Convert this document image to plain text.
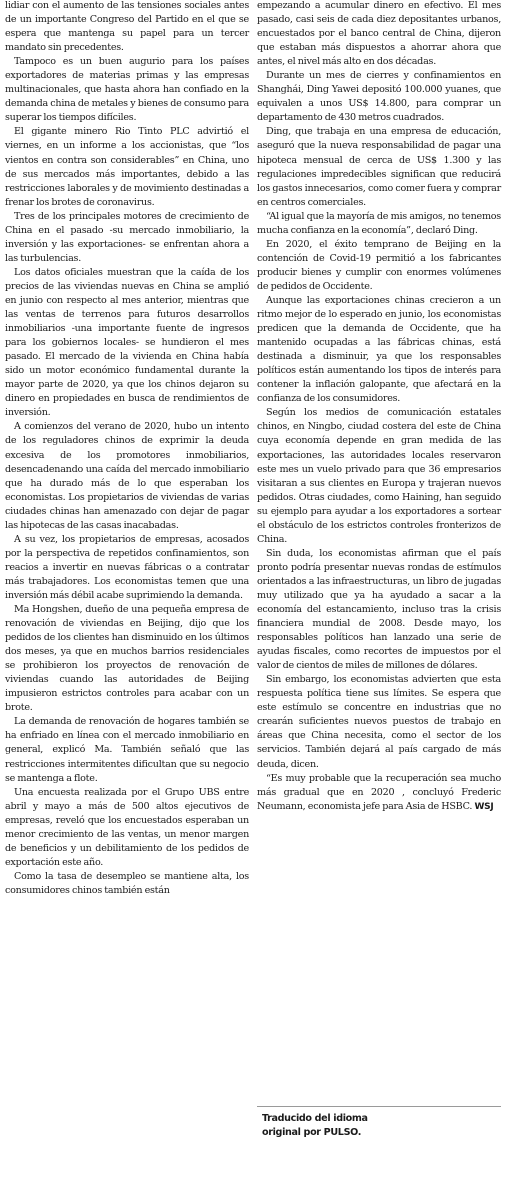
lidiar con el aumento de las tensiones sociales antes de un importante Congreso del Partido en el que se espera que mantenga su papel para un tercer mandato sin precedentes.

Tampoco es un buen augurio para los países exportadores de materias primas y las empresas multinacionales, que hasta ahora han confiado en la demanda china de metales y bienes de consumo para superar los tiempos difíciles.

El gigante minero Rio Tinto PLC advirtió el viernes, en un informe a los accionistas, que “los vientos en contra son considerables” en China, uno de sus mercados más importantes, debido a las restricciones laborales y de movimiento destinadas a frenar los brotes de coronavirus.

Tres de los principales motores de crecimiento de China en el pasado -su mercado inmobiliario, la inversión y las exportaciones- se enfrentan ahora a las turbulencias.

Los datos oficiales muestran que la caída de los precios de las viviendas nuevas en China se amplió en junio con respecto al mes anterior, mientras que las ventas de terrenos para futuros desarrollos inmobiliarios -una importante fuente de ingresos para los gobiernos locales- se hundieron el mes pasado. El mercado de la vivienda en China había sido un motor económico fundamental durante la mayor parte de 2020, ya que los chinos dejaron su dinero en propiedades en busca de rendimientos de inversión.

A comienzos del verano de 2020, hubo un intento de los reguladores chinos de exprimir la deuda excesiva de los promotores inmobiliarios, desencadenando una caída del mercado inmobiliario que ha durado más de lo que esperaban los economistas. Los propietarios de viviendas de varias ciudades chinas han amenazado con dejar de pagar las hipotecas de las casas inacabadas.

A su vez, los propietarios de empresas, acosados por la perspectiva de repetidos confinamientos, son reacios a invertir en nuevas fábricas o a contratar más trabajadores. Los economistas temen que una inversión más débil acabe suprimiendo la demanda.

Ma Hongshen, dueño de una pequeña empresa de renovación de viviendas en Beijing, dijo que los pedidos de los clientes han disminuido en los últimos dos meses, ya que en muchos barrios residenciales se prohibieron los proyectos de renovación de viviendas cuando las autoridades de Beijing impusieron estrictos controles para acabar con un brote.

La demanda de renovación de hogares también se ha enfriado en línea con el mercado inmobiliario en general, explicó Ma. También señaló que las restricciones intermitentes dificultan que su negocio se mantenga a flote.

Una encuesta realizada por el Grupo UBS entre abril y mayo a más de 500 altos ejecutivos de empresas, reveló que los encuestados esperaban un menor crecimiento de las ventas, un menor margen de beneficios y un debilitamiento de los pedidos de exportación este año.

Como la tasa de desempleo se mantiene alta, los consumidores chinos también están

empezando a acumular dinero en efectivo. El mes pasado, casi seis de cada diez depositantes urbanos, encuestados por el banco central de China, dijeron que estaban más dispuestos a ahorrar ahora que antes, el nivel más alto en dos décadas.

Durante un mes de cierres y confinamientos en Shanghái, Ding Yawei depositó 100.000 yuanes, que equivalen a unos US$ 14.800, para comprar un departamento de 430 metros cuadrados.

Ding, que trabaja en una empresa de educación, aseguró que la nueva responsabilidad de pagar una hipoteca mensual de cerca de US$ 1.300 y las regulaciones impredecibles significan que reducirá los gastos innecesarios, como comer fuera y comprar en centros comerciales.

“Al igual que la mayoría de mis amigos, no tenemos mucha confianza en la economía”, declaró Ding.

En 2020, el éxito temprano de Beijing en la contención de Covid-19 permitió a los fabricantes producir bienes y cumplir con enormes volúmenes de pedidos de Occidente.

Aunque las exportaciones chinas crecieron a un ritmo mejor de lo esperado en junio, los economistas predicen que la demanda de Occidente, que ha mantenido ocupadas a las fábricas chinas, está destinada a disminuir, ya que los responsables políticos están aumentando los tipos de interés para contener la inflación galopante, que afectará en la confianza de los consumidores.

Según los medios de comunicación estatales chinos, en Ningbo, ciudad costera del este de China cuya economía depende en gran medida de las exportaciones, las autoridades locales reservaron este mes un vuelo privado para que 36 empresarios visitaran a sus clientes en Europa y trajeran nuevos pedidos. Otras ciudades, como Haining, han seguido su ejemplo para ayudar a los exportadores a sortear el obstáculo de los estrictos controles fronterizos de China.

Sin duda, los economistas afirman que el país pronto podría presentar nuevas rondas de estímulos orientados a las infraestructuras, un libro de jugadas muy utilizado que ya ha ayudado a sacar a la economía del estancamiento, incluso tras la crisis financiera mundial de 2008. Desde mayo, los responsables políticos han lanzado una serie de ayudas fiscales, como recortes de impuestos por el valor de cientos de miles de millones de dólares.

Sin embargo, los economistas advierten que esta respuesta política tiene sus límites. Se espera que este estímulo se concentre en industrias que no crearán suficientes nuevos puestos de trabajo en áreas que China necesita, como el sector de los servicios. También dejará al país cargado de más deuda, dicen.

“Es muy probable que la recuperación sea mucho más gradual que en 2020 , concluyó Frederic Neumann, economista jefe para Asia de HSBC. WSJ

Traducido del idioma
original por PULSO.
